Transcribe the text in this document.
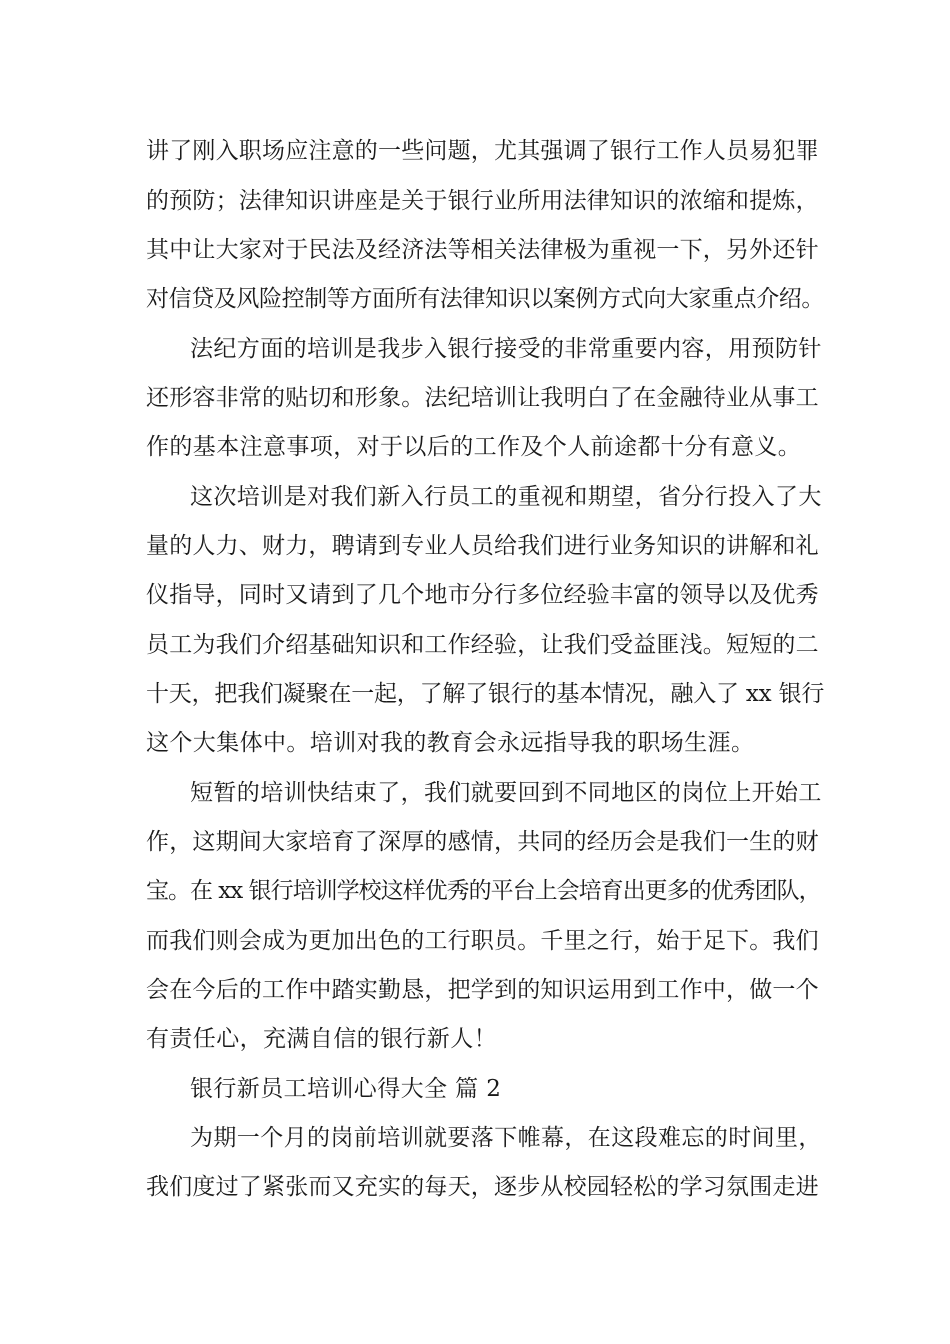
讲了刚入职场应注意的一些问题，尤其强调了银行工作人员易犯罪
的预防；法律知识讲座是关于银行业所用法律知识的浓缩和提炼，
其中让大家对于民法及经济法等相关法律极为重视一下，另外还针
对信贷及风险控制等方面所有法律知识以案例方式向大家重点介绍。
法纪方面的培训是我步入银行接受的非常重要内容，用预防针
还形容非常的贴切和形象。法纪培训让我明白了在金融待业从事工
作的基本注意事项，对于以后的工作及个人前途都十分有意义。
这次培训是对我们新入行员工的重视和期望，省分行投入了大
量的人力、财力，聘请到专业人员给我们进行业务知识的讲解和礼
仪指导，同时又请到了几个地市分行多位经验丰富的领导以及优秀
员工为我们介绍基础知识和工作经验，让我们受益匪浅。短短的二
十天，把我们凝聚在一起，了解了银行的基本情况，融入了 xx 银行
这个大集体中。培训对我的教育会永远指导我的职场生涯。
短暂的培训快结束了，我们就要回到不同地区的岗位上开始工
作，这期间大家培育了深厚的感情，共同的经历会是我们一生的财
宝。在 xx 银行培训学校这样优秀的平台上会培育出更多的优秀团队，
而我们则会成为更加出色的工行职员。千里之行，始于足下。我们
会在今后的工作中踏实勤恳，把学到的知识运用到工作中，做一个
有责任心，充满自信的银行新人！
银行新员工培训心得大全 篇 2
为期一个月的岗前培训就要落下帷幕，在这段难忘的时间里，
我们度过了紧张而又充实的每天，逐步从校园轻松的学习氛围走进
